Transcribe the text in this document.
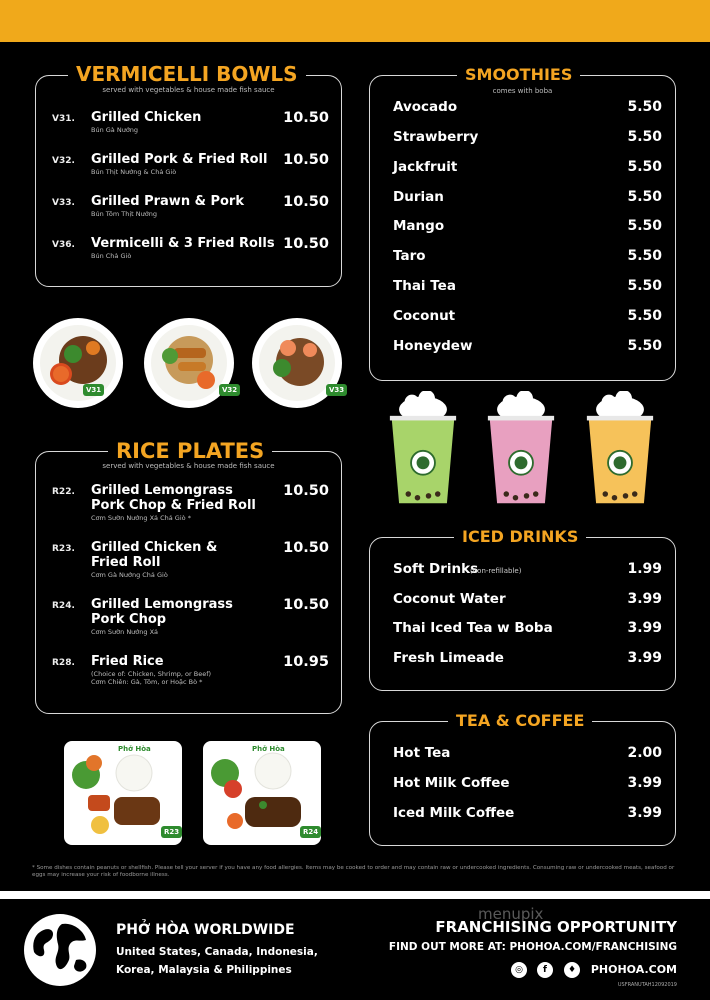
VERMICELLI BOWLS
served with vegetables & house made fish sauce
V31. Grilled Chicken
Bún Gà Nướng
10.50
V32. Grilled Pork & Fried Roll
Bún Thịt Nướng & Chả Giò
10.50
V33. Grilled Prawn & Pork
Bún Tôm Thịt Nướng
10.50
V36. Vermicelli & 3 Fried Rolls
Bún Chả Giò
10.50
V31	V32	V33
RICE PLATES
served with vegetables & house made fish sauce
R22. Grilled Lemongrass
Pork Chop & Fried Roll
Cơm Sườn Nướng Xả Chả Giò *
10.50
R23. Grilled Chicken &
Fried Roll
Cơm Gà Nướng Chả Giò
10.50
R24. Grilled Lemongrass
Pork Chop
Cơm Sườn Nướng Xả
10.50
R28. Fried Rice
(Choice of: Chicken, Shrimp, or Beef)
Cơm Chiên: Gà, Tôm, or Hoặc Bò *
10.95
Phở Hòa
R23
Phở Hòa
R24
SMOOTHIES
comes with boba
Avocado	5.50
Strawberry	5.50
Jackfruit	5.50
Durian	5.50
Mango	5.50
Taro	5.50
Thai Tea	5.50
Coconut	5.50
Honeydew	5.50
ICED DRINKS
Soft Drinks
(non-refillable)	1.99
Coconut Water	3.99
Thai Iced Tea w Boba	3.99
Fresh Limeade	3.99
TEA & COFFEE
Hot Tea	2.00
Hot Milk Coffee	3.99
Iced Milk Coffee	3.99
* Some dishes contain peanuts or shellfish. Please tell your server if you have any food allergies. Items may be cooked to order and may contain raw or undercooked ingredients. Consuming raw or undercooked meats, seafood or eggs may increase your risk of foodborne illness.
PHỞ HÒA WORLDWIDE
United States, Canada, Indonesia,
Korea, Malaysia & Philippines
FRANCHISING OPPORTUNITY
menupix
FIND OUT MORE AT: PHOHOA.COM/FRANCHISING
◎	f	♦	PHOHOA.COM
USFRANUTAH12092019
